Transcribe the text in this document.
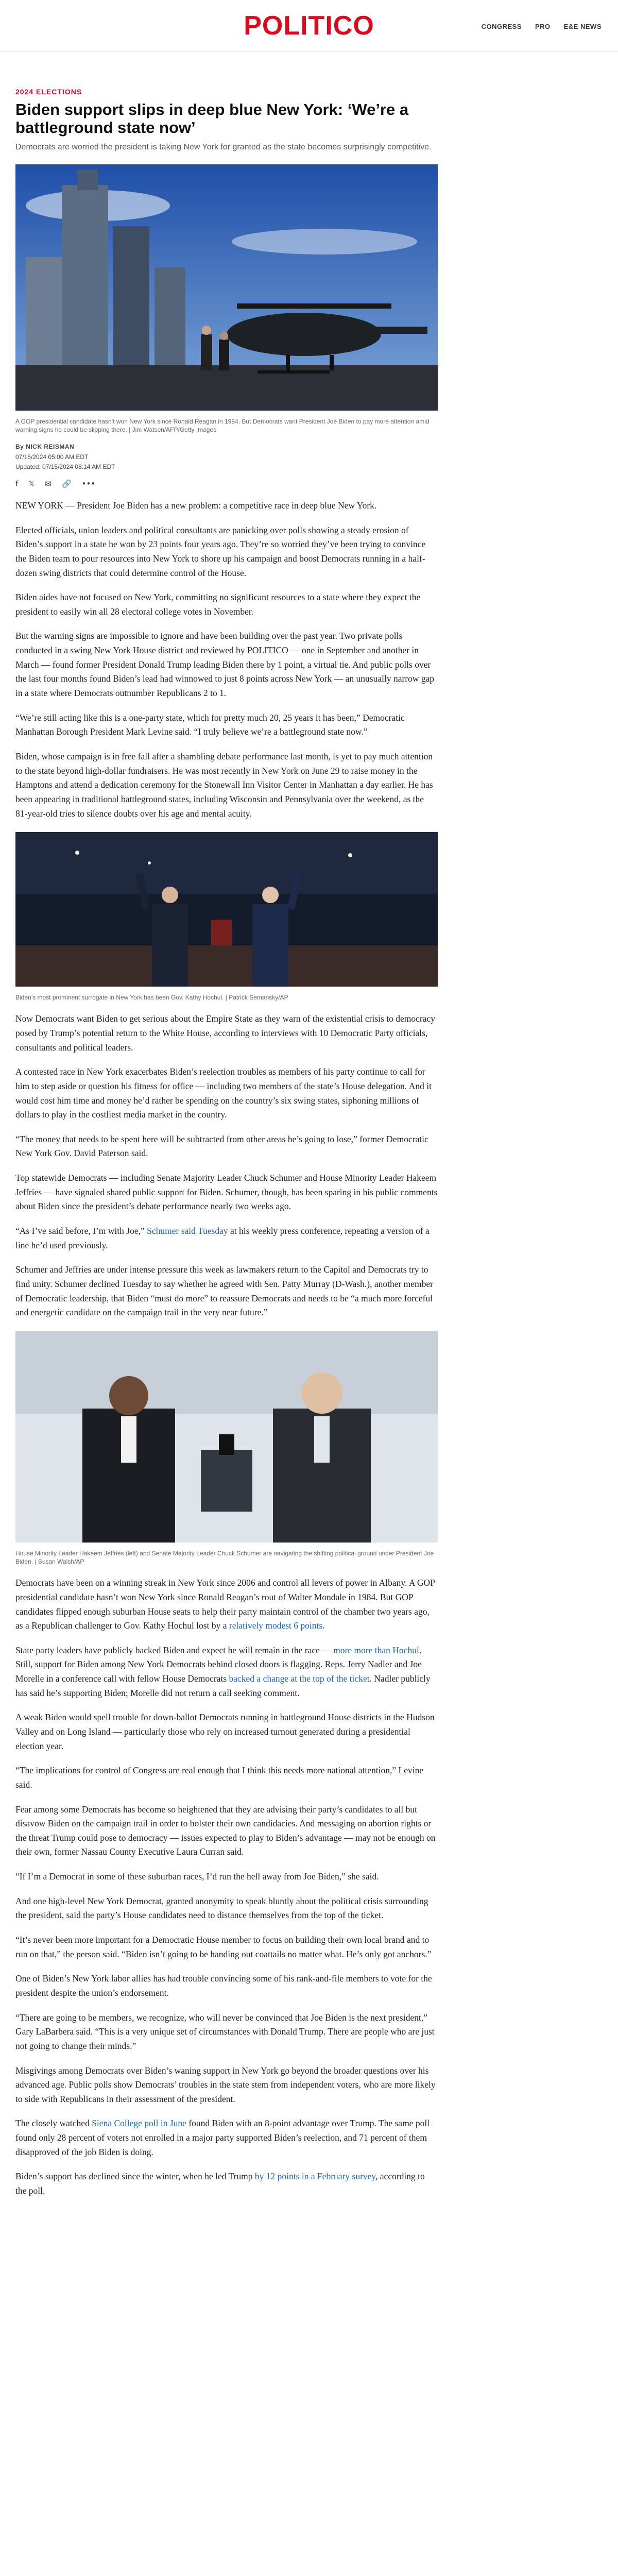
POLITICO	CONGRESS PRO E&E NEWS
2024 ELECTIONS
Biden support slips in deep blue New York: ‘We’re a battleground state now’

Democrats are worried the president is taking New York for granted as the state becomes surprisingly competitive.

A GOP presidential candidate hasn’t won New York since Ronald Reagan in 1984. But Democrats want President Joe Biden to pay more attention amid warning signs he could be slipping there. | Jim Watson/AFP/Getty Images
By NICK REISMAN
07/15/2024 05:00 AM EDT
Updated: 07/15/2024 08:14 AM EDT
f 𝕏 ✉ 🔗 •••

NEW YORK — President Joe Biden has a new problem: a competitive race in deep blue New York.

Elected officials, union leaders and political consultants are panicking over polls showing a steady erosion of Biden’s support in a state he won by 23 points four years ago. They’re so worried they’ve been trying to convince the Biden team to pour resources into New York to shore up his campaign and boost Democrats running in a half-dozen swing districts that could determine control of the House.

Biden aides have not focused on New York, committing no significant resources to a state where they expect the president to easily win all 28 electoral college votes in November.

But the warning signs are impossible to ignore and have been building over the past year. Two private polls conducted in a swing New York House district and reviewed by POLITICO — one in September and another in March — found former President Donald Trump leading Biden there by 1 point, a virtual tie. And public polls over the last four months found Biden’s lead had winnowed to just 8 points across New York — an unusually narrow gap in a state where Democrats outnumber Republicans 2 to 1.

“We’re still acting like this is a one-party state, which for pretty much 20, 25 years it has been,” Democratic Manhattan Borough President Mark Levine said. “I truly believe we’re a battleground state now.”

Biden, whose campaign is in free fall after a shambling debate performance last month, is yet to pay much attention to the state beyond high-dollar fundraisers. He was most recently in New York on June 29 to raise money in the Hamptons and attend a dedication ceremony for the Stonewall Inn Visitor Center in Manhattan a day earlier. He has been appearing in traditional battleground states, including Wisconsin and Pennsylvania over the weekend, as the 81-year-old tries to silence doubts over his age and mental acuity.

Biden’s most prominent surrogate in New York has been Gov. Kathy Hochul. | Patrick Semansky/AP

Now Democrats want Biden to get serious about the Empire State as they warn of the existential crisis to democracy posed by Trump’s potential return to the White House, according to interviews with 10 Democratic Party officials, consultants and political leaders.

A contested race in New York exacerbates Biden’s reelection troubles as members of his party continue to call for him to step aside or question his fitness for office — including two members of the state’s House delegation. And it would cost him time and money he’d rather be spending on the country’s six swing states, siphoning millions of dollars to play in the costliest media market in the country.

“The money that needs to be spent here will be subtracted from other areas he’s going to lose,” former Democratic New York Gov. David Paterson said.

Top statewide Democrats — including Senate Majority Leader Chuck Schumer and House Minority Leader Hakeem Jeffries — have signaled shared public support for Biden. Schumer, though, has been sparing in his public comments about Biden since the president’s debate performance nearly two weeks ago.

“As I’ve said before, I’m with Joe,” Schumer said Tuesday at his weekly press conference, repeating a version of a line he’d used previously.

Schumer and Jeffries are under intense pressure this week as lawmakers return to the Capitol and Democrats try to find unity. Schumer declined Tuesday to say whether he agreed with Sen. Patty Murray (D-Wash.), another member of Democratic leadership, that Biden “must do more” to reassure Democrats and needs to be “a much more forceful and energetic candidate on the campaign trail in the very near future.”

House Minority Leader Hakeem Jeffries (left) and Senate Majority Leader Chuck Schumer are navigating the shifting political ground under President Joe Biden. | Susan Walsh/AP

Democrats have been on a winning streak in New York since 2006 and control all levers of power in Albany. A GOP presidential candidate hasn’t won New York since Ronald Reagan’s rout of Walter Mondale in 1984. But GOP candidates flipped enough suburban House seats to help their party maintain control of the chamber two years ago, as a Republican challenger to Gov. Kathy Hochul lost by a relatively modest 6 points.

State party leaders have publicly backed Biden and expect he will remain in the race — more more than Hochul. Still, support for Biden among New York Democrats behind closed doors is flagging. Reps. Jerry Nadler and Joe Morelle in a conference call with fellow House Democrats backed a change at the top of the ticket. Nadler publicly has said he’s supporting Biden; Morelle did not return a call seeking comment.

A weak Biden would spell trouble for down-ballot Democrats running in battleground House districts in the Hudson Valley and on Long Island — particularly those who rely on increased turnout generated during a presidential election year.

“The implications for control of Congress are real enough that I think this needs more national attention,” Levine said.

Fear among some Democrats has become so heightened that they are advising their party’s candidates to all but disavow Biden on the campaign trail in order to bolster their own candidacies. And messaging on abortion rights or the threat Trump could pose to democracy — issues expected to play to Biden’s advantage — may not be enough on their own, former Nassau County Executive Laura Curran said.

“If I’m a Democrat in some of these suburban races, I’d run the hell away from Joe Biden,” she said.

And one high-level New York Democrat, granted anonymity to speak bluntly about the political crisis surrounding the president, said the party’s House candidates need to distance themselves from the top of the ticket.

“It’s never been more important for a Democratic House member to focus on building their own local brand and to run on that,” the person said. “Biden isn’t going to be handing out coattails no matter what. He’s only got anchors.”

One of Biden’s New York labor allies has had trouble convincing some of his rank-and-file members to vote for the president despite the union’s endorsement.

“There are going to be members, we recognize, who will never be convinced that Joe Biden is the next president,” Gary LaBarbera said. “This is a very unique set of circumstances with Donald Trump. There are people who are just not going to change their minds.”

Misgivings among Democrats over Biden’s waning support in New York go beyond the broader questions over his advanced age. Public polls show Democrats’ troubles in the state stem from independent voters, who are more likely to side with Republicans in their assessment of the president.

The closely watched Siena College poll in June found Biden with an 8-point advantage over Trump. The same poll found only 28 percent of voters not enrolled in a major party supported Biden’s reelection, and 71 percent of them disapproved of the job Biden is doing.

Biden’s support has declined since the winter, when he led Trump by 12 points in a February survey, according to the poll.
